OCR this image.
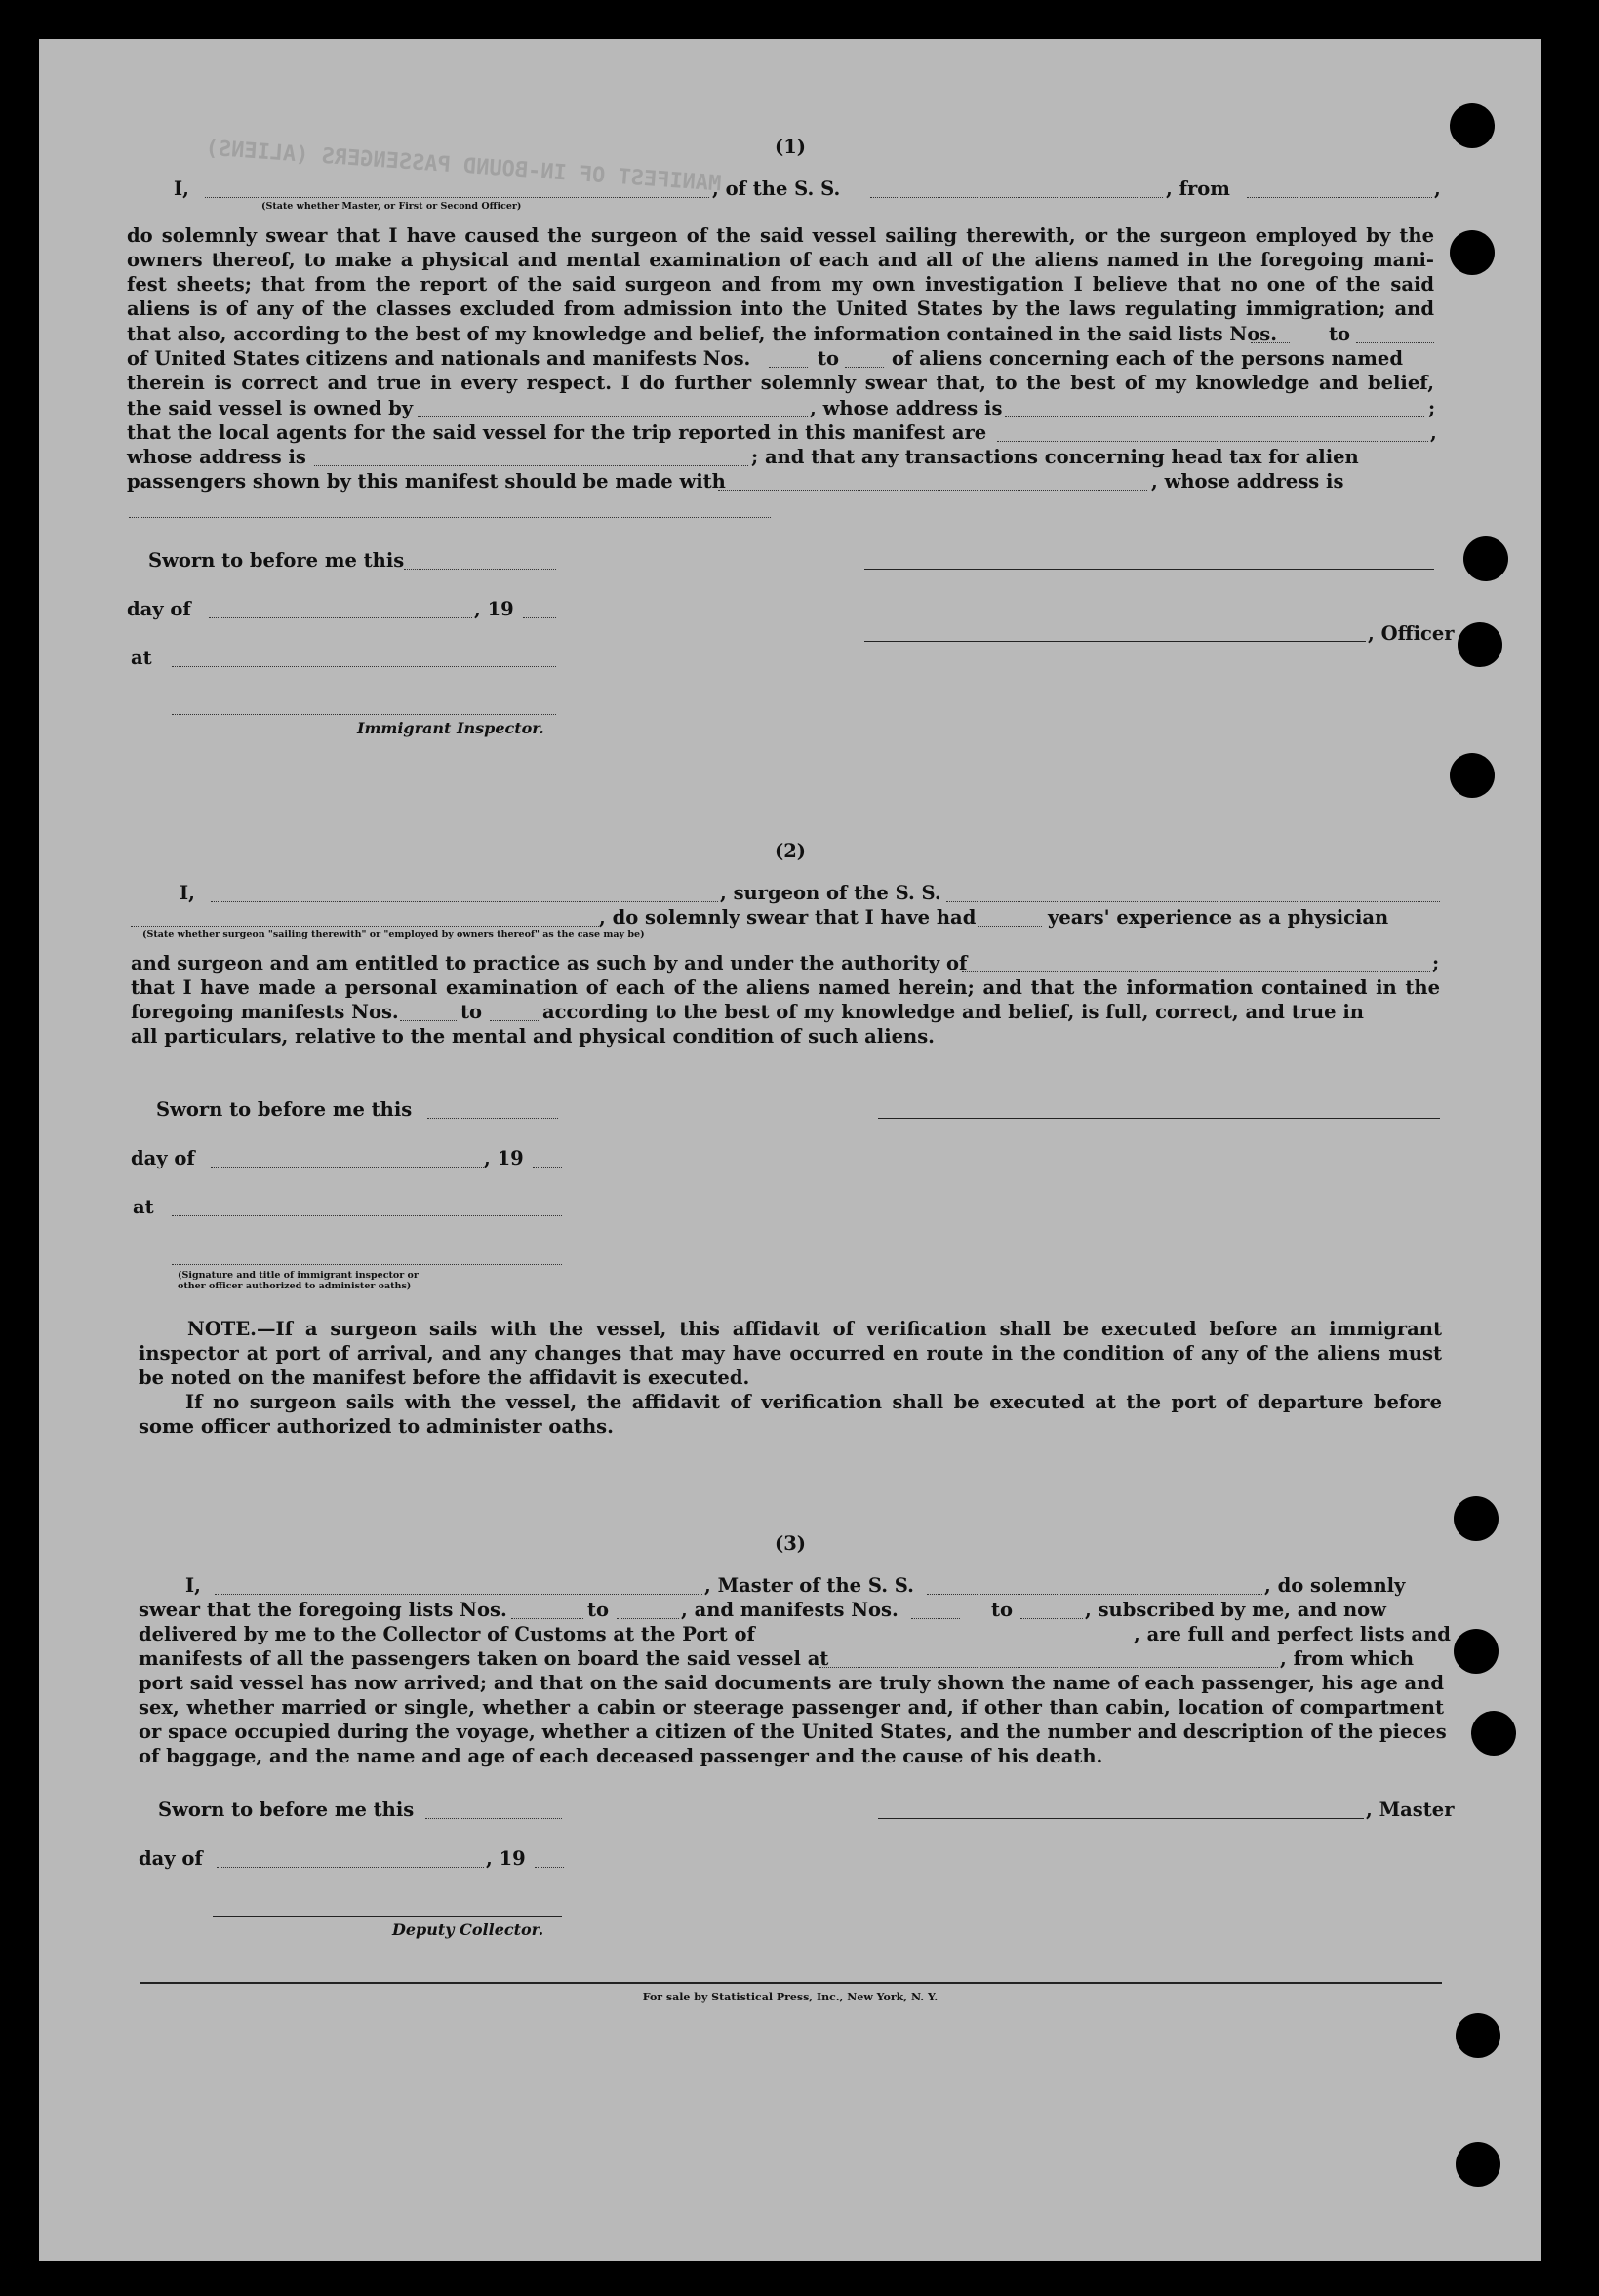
MANIFEST OF IN-BOUND PASSENGERS (ALIENS)	(1)
I,	, of the S. S.	, from	,
(State whether Master, or First or Second Officer)
do solemnly swear that I have caused the surgeon of the said vessel sailing therewith, or the surgeon employed by the
owners thereof, to make a physical and mental examination of each and all of the aliens named in the foregoing mani-
fest sheets; that from the report of the said surgeon and from my own investigation I believe that no one of the said
aliens is of any of the classes excluded from admission into the United States by the laws regulating immigration; and
that also, according to the best of my knowledge and belief, the information contained in the said lists Nos.	to
of United States citizens and nationals and manifests Nos.	to	of aliens concerning each of the persons named
therein is correct and true in every respect. I do further solemnly swear that, to the best of my knowledge and belief,
the said vessel is owned by	, whose address is	;
that the local agents for the said vessel for the trip reported in this manifest are	,
whose address is	; and that any transactions concerning head tax for alien
passengers shown by this manifest should be made with	, whose address is
Sworn to before me this
day of	, 19
, Officer
at
Immigrant Inspector.
(2)
I,	, surgeon of the S. S.
, do solemnly swear that I have had	years' experience as a physician
(State whether surgeon "sailing therewith" or "employed by owners thereof" as the case may be)
and surgeon and am entitled to practice as such by and under the authority of	;
that I have made a personal examination of each of the aliens named herein; and that the information contained in the
foregoing manifests Nos.	to	according to the best of my knowledge and belief, is full, correct, and true in
all particulars, relative to the mental and physical condition of such aliens.
Sworn to before me this
day of	, 19
at
(Signature and title of immigrant inspector or
other officer authorized to administer oaths)
NOTE.—If a surgeon sails with the vessel, this affidavit of verification shall be executed before an immigrant
inspector at port of arrival, and any changes that may have occurred en route in the condition of any of the aliens must
be noted on the manifest before the affidavit is executed.
If no surgeon sails with the vessel, the affidavit of verification shall be executed at the port of departure before
some officer authorized to administer oaths.
(3)
I,	, Master of the S. S.	, do solemnly
swear that the foregoing lists Nos.	to	, and manifests Nos.	to	, subscribed by me, and now
delivered by me to the Collector of Customs at the Port of	, are full and perfect lists and
manifests of all the passengers taken on board the said vessel at	, from which
port said vessel has now arrived; and that on the said documents are truly shown the name of each passenger, his age and
sex, whether married or single, whether a cabin or steerage passenger and, if other than cabin, location of compartment
or space occupied during the voyage, whether a citizen of the United States, and the number and description of the pieces
of baggage, and the name and age of each deceased passenger and the cause of his death.
Sworn to before me this	, Master
day of	, 19
Deputy Collector.
For sale by Statistical Press, Inc., New York, N. Y.
